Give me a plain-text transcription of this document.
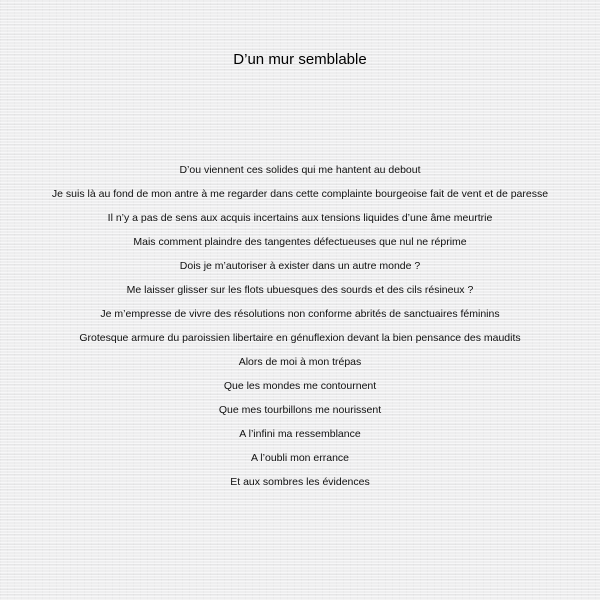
D’un mur semblable
D’ou viennent ces solides qui me hantent au debout
Je suis là au fond de mon antre à me regarder dans cette complainte bourgeoise fait de vent et de paresse
Il n’y a pas de sens aux acquis incertains aux tensions liquides d’une âme meurtrie
Mais comment plaindre des tangentes défectueuses que nul ne réprime
Dois je m’autoriser à exister dans un autre monde ?
Me laisser glisser sur les flots ubuesques des sourds et des cils résineux ?
Je m’empresse de vivre des résolutions non conforme abrités de sanctuaires féminins
Grotesque armure du paroissien libertaire en génuflexion devant la bien pensance des maudits
Alors de moi à mon trépas
Que les mondes me contournent
Que mes tourbillons me nourissent
A l’infini ma ressemblance
A l’oubli mon errance
Et aux sombres les évidences
